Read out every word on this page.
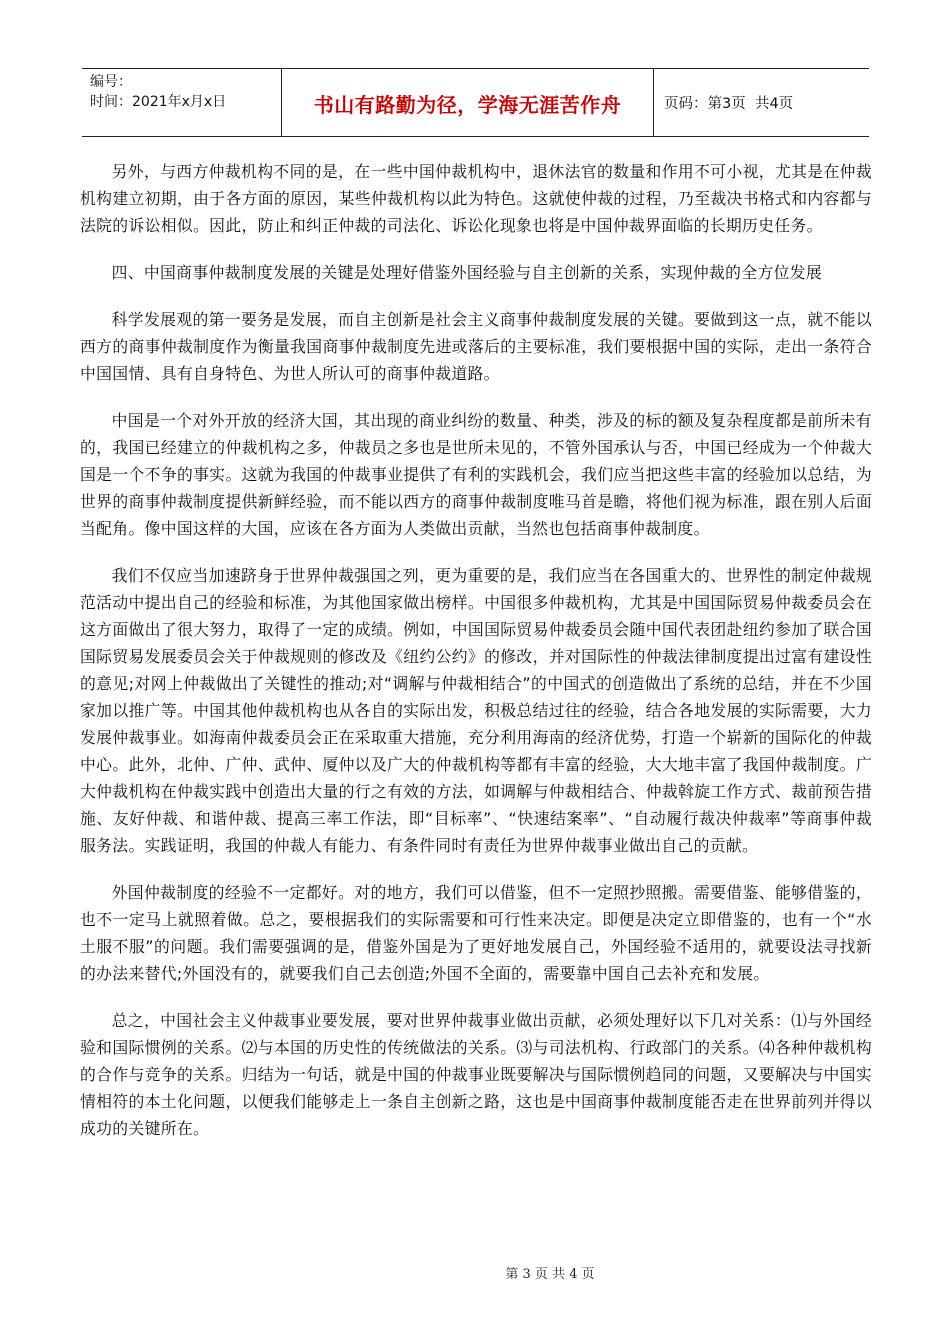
编号：
时间：2021年x月x日	书山有路勤为径，学海无涯苦作舟	页码：第3页  共4页

另外，与西方仲裁机构不同的是，在一些中国仲裁机构中，退休法官的数量和作用不可小视，尤其是在仲裁机构建立初期，由于各方面的原因，某些仲裁机构以此为特色。这就使仲裁的过程，乃至裁决书格式和内容都与法院的诉讼相似。因此，防止和纠正仲裁的司法化、诉讼化现象也将是中国仲裁界面临的长期历史任务。

四、中国商事仲裁制度发展的关键是处理好借鉴外国经验与自主创新的关系，实现仲裁的全方位发展

科学发展观的第一要务是发展，而自主创新是社会主义商事仲裁制度发展的关键。要做到这一点，就不能以西方的商事仲裁制度作为衡量我国商事仲裁制度先进或落后的主要标准，我们要根据中国的实际，走出一条符合中国国情、具有自身特色、为世人所认可的商事仲裁道路。

中国是一个对外开放的经济大国，其出现的商业纠纷的数量、种类，涉及的标的额及复杂程度都是前所未有的，我国已经建立的仲裁机构之多，仲裁员之多也是世所未见的，不管外国承认与否，中国已经成为一个仲裁大国是一个不争的事实。这就为我国的仲裁事业提供了有利的实践机会，我们应当把这些丰富的经验加以总结，为世界的商事仲裁制度提供新鲜经验，而不能以西方的商事仲裁制度唯马首是瞻，将他们视为标准，跟在别人后面当配角。像中国这样的大国，应该在各方面为人类做出贡献，当然也包括商事仲裁制度。

我们不仅应当加速跻身于世界仲裁强国之列，更为重要的是，我们应当在各国重大的、世界性的制定仲裁规范活动中提出自己的经验和标准，为其他国家做出榜样。中国很多仲裁机构，尤其是中国国际贸易仲裁委员会在这方面做出了很大努力，取得了一定的成绩。例如，中国国际贸易仲裁委员会随中国代表团赴纽约参加了联合国国际贸易发展委员会关于仲裁规则的修改及《纽约公约》的修改，并对国际性的仲裁法律制度提出过富有建设性的意见;对网上仲裁做出了关键性的推动;对“调解与仲裁相结合”的中国式的创造做出了系统的总结，并在不少国家加以推广等。中国其他仲裁机构也从各自的实际出发，积极总结过往的经验，结合各地发展的实际需要，大力发展仲裁事业。如海南仲裁委员会正在采取重大措施，充分利用海南的经济优势，打造一个崭新的国际化的仲裁中心。此外，北仲、广仲、武仲、厦仲以及广大的仲裁机构等都有丰富的经验，大大地丰富了我国仲裁制度。广大仲裁机构在仲裁实践中创造出大量的行之有效的方法，如调解与仲裁相结合、仲裁斡旋工作方式、裁前预告措施、友好仲裁、和谐仲裁、提高三率工作法，即“目标率”、“快速结案率”、“自动履行裁决仲裁率”等商事仲裁服务法。实践证明，我国的仲裁人有能力、有条件同时有责任为世界仲裁事业做出自己的贡献。

外国仲裁制度的经验不一定都好。对的地方，我们可以借鉴，但不一定照抄照搬。需要借鉴、能够借鉴的，也不一定马上就照着做。总之，要根据我们的实际需要和可行性来决定。即便是决定立即借鉴的，也有一个“水土服不服”的问题。我们需要强调的是，借鉴外国是为了更好地发展自己，外国经验不适用的，就要设法寻找新的办法来替代;外国没有的，就要我们自己去创造;外国不全面的，需要靠中国自己去补充和发展。

总之，中国社会主义仲裁事业要发展，要对世界仲裁事业做出贡献，必须处理好以下几对关系：⑴与外国经验和国际惯例的关系。⑵与本国的历史性的传统做法的关系。⑶与司法机构、行政部门的关系。⑷各种仲裁机构的合作与竞争的关系。归结为一句话，就是中国的仲裁事业既要解决与国际惯例趋同的问题，又要解决与中国实情相符的本土化问题，以便我们能够走上一条自主创新之路，这也是中国商事仲裁制度能否走在世界前列并得以成功的关键所在。

第 3 页 共 4 页
